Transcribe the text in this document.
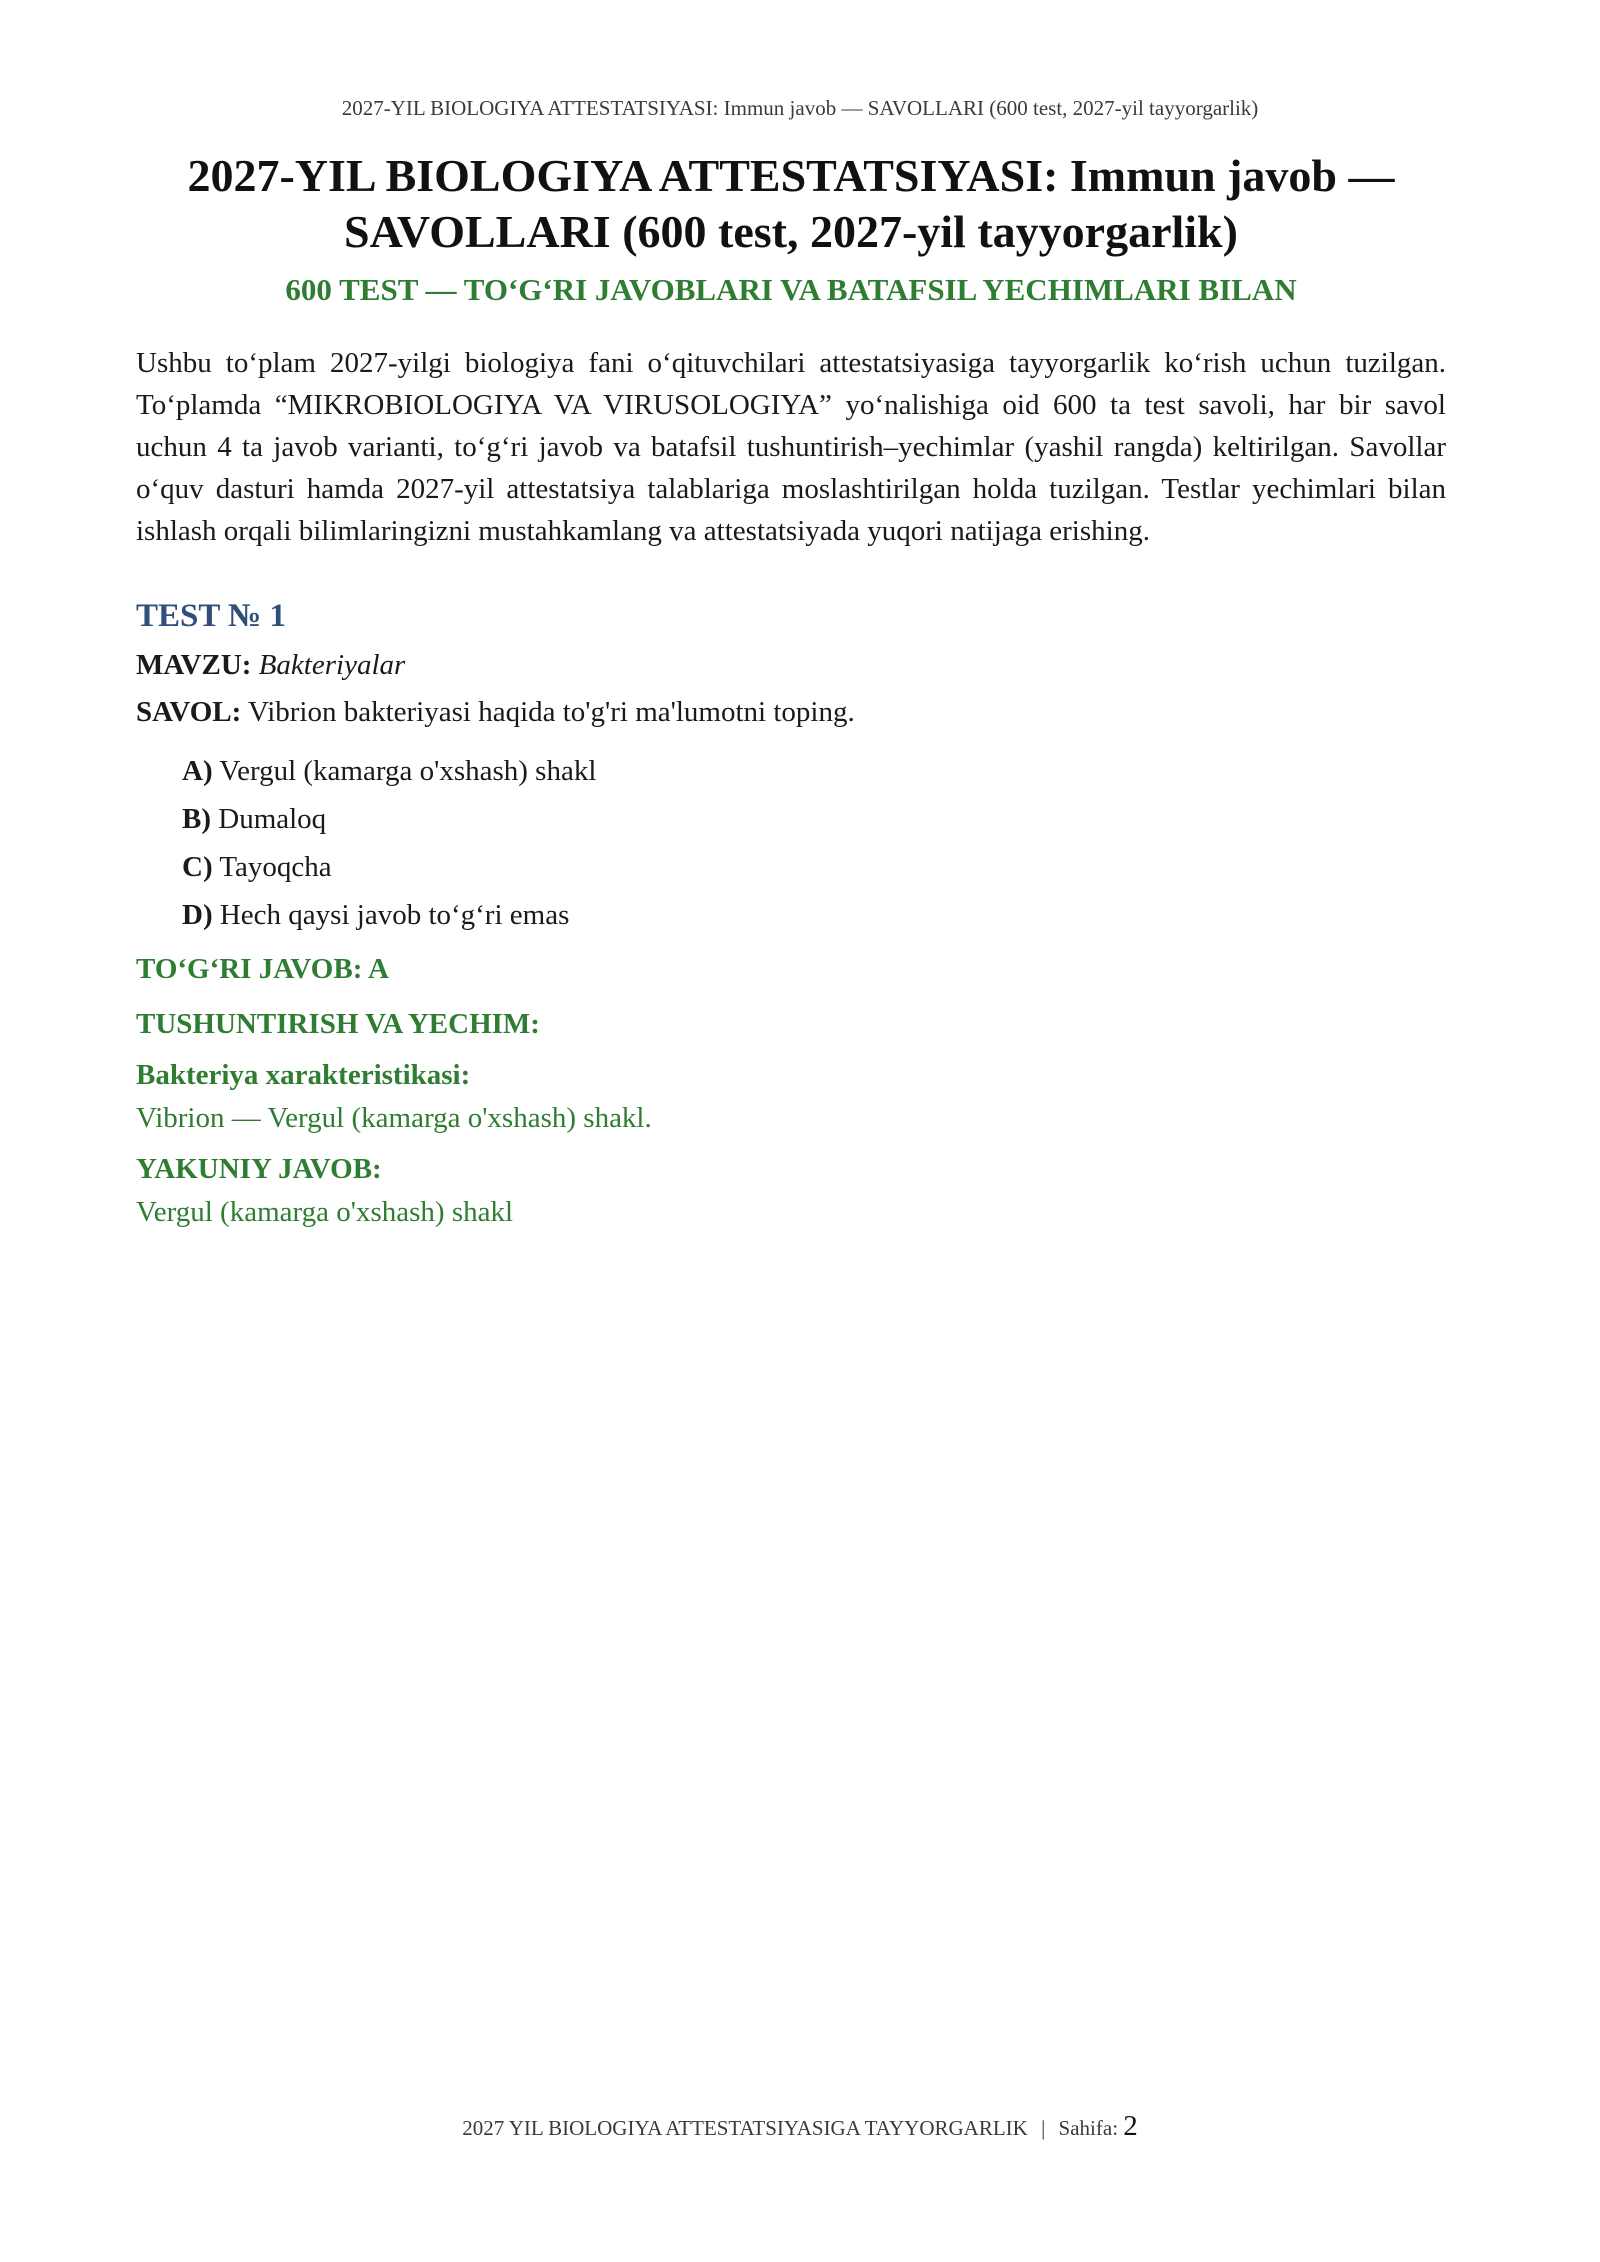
2027-YIL BIOLOGIYA ATTESTATSIYASI: Immun javob — SAVOLLARI (600 test, 2027-yil tayyorgarlik)
2027-YIL BIOLOGIYA ATTESTATSIYASI: Immun javob —
SAVOLLARI (600 test, 2027-yil tayyorgarlik)
600 TEST — TO‘G‘RI JAVOBLARI VA BATAFSIL YECHIMLARI BILAN

Ushbu to‘plam 2027-yilgi biologiya fani o‘qituvchilari attestatsiyasiga tayyorgarlik ko‘rish uchun tuzilgan. To‘plamda “MIKROBIOLOGIYA VA VIRUSOLOGIYA” yo‘nalishiga oid 600 ta test savoli, har bir savol uchun 4 ta javob varianti, to‘g‘ri javob va batafsil tushuntirish–yechimlar (yashil rangda) keltirilgan. Savollar o‘quv dasturi hamda 2027-yil attestatsiya talablariga moslashtirilgan holda tuzilgan. Testlar yechimlari bilan ishlash orqali bilimlaringizni mustahkamlang va attestatsiyada yuqori natijaga erishing.

TEST № 1
MAVZU: Bakteriyalar
SAVOL: Vibrion bakteriyasi haqida to'g'ri ma'lumotni toping.
A) Vergul (kamarga o'xshash) shakl
B) Dumaloq
C) Tayoqcha
D) Hech qaysi javob to‘g‘ri emas
TO‘G‘RI JAVOB: A
TUSHUNTIRISH VA YECHIM:
Bakteriya xarakteristikasi:
Vibrion — Vergul (kamarga o'xshash) shakl.
YAKUNIY JAVOB:
Vergul (kamarga o'xshash) shakl
2027 YIL BIOLOGIYA ATTESTATSIYASIGA TAYYORGARLIK | Sahifa: 2
